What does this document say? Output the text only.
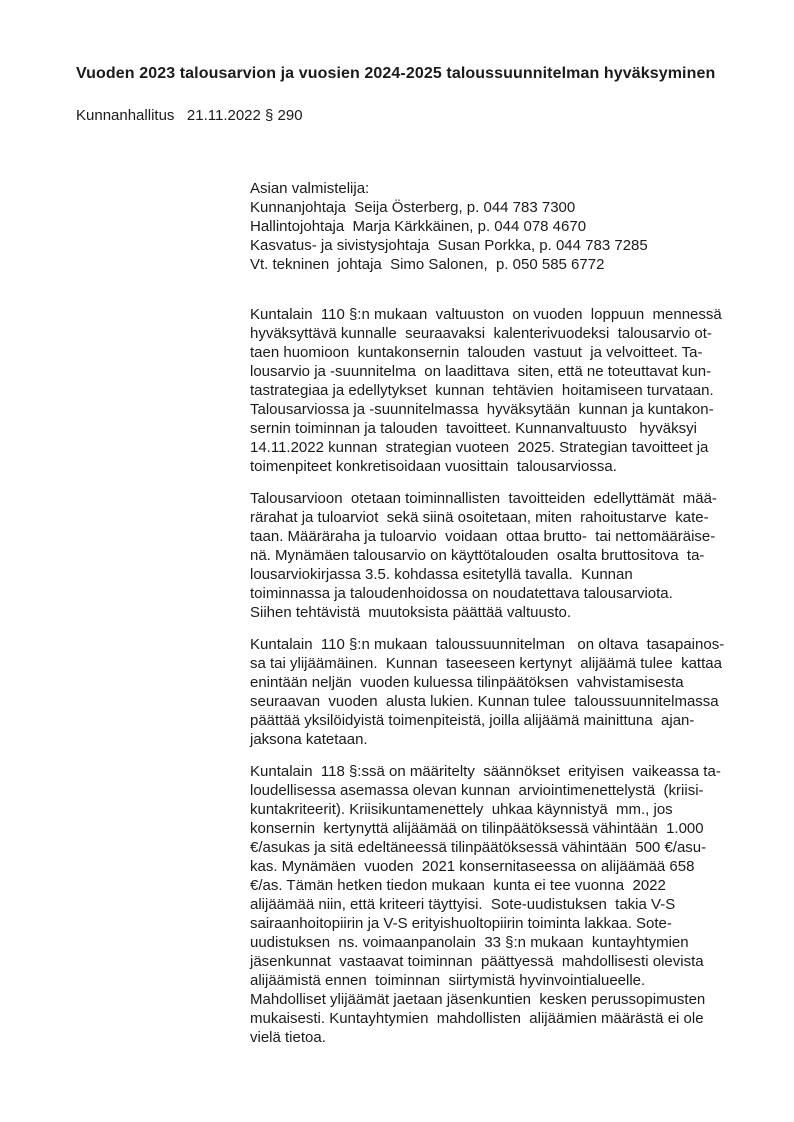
Vuoden 2023 talousarvion ja vuosien 2024-2025 taloussuunnitelman hyväksyminen
Kunnanhallitus   21.11.2022 § 290
Asian valmistelija:
Kunnanjohtaja  Seija Österberg, p. 044 783 7300
Hallintojohtaja  Marja Kärkkäinen, p. 044 078 4670
Kasvatus- ja sivistysjohtaja  Susan Porkka, p. 044 783 7285
Vt. tekninen  johtaja  Simo Salonen,  p. 050 585 6772
Kuntalain  110 §:n mukaan  valtuuston  on vuoden  loppuun  mennessä
hyväksyttävä kunnalle  seuraavaksi  kalenterivuodeksi  talousarvio ot-
taen huomioon  kuntakonsernin  talouden  vastuut  ja velvoitteet. Ta-
lousarvio ja -suunnitelma  on laadittava  siten, että ne toteuttavat kun-
tastrategiaa ja edellytykset  kunnan  tehtävien  hoitamiseen turvataan.
Talousarviossa ja -suunnitelmassa  hyväksytään  kunnan ja kuntakon-
sernin toiminnan ja talouden  tavoitteet. Kunnanvaltuusto   hyväksyi
14.11.2022 kunnan  strategian vuoteen  2025. Strategian tavoitteet ja
toimenpiteet konkretisoidaan vuosittain  talousarviossa.
Talousarvioon  otetaan toiminnallisten  tavoitteiden  edellyttämät  mää-
rärahat ja tuloarviot  sekä siinä osoitetaan, miten  rahoitustarve  kate-
taan. Määräraha ja tuloarvio  voidaan  ottaa brutto-  tai nettomääräise-
nä. Mynämäen talousarvio on käyttötalouden  osalta bruttositova  ta-
lousarviokirjassa 3.5. kohdassa esitetyllä tavalla.  Kunnan
toiminnassa ja taloudenhoidossa on noudatettava talousarviota.
Siihen tehtävistä  muutoksista päättää valtuusto.
Kuntalain  110 §:n mukaan  taloussuunnitelman   on oltava  tasapainos-
sa tai ylijäämäinen.  Kunnan  taseeseen kertynyt  alijäämä tulee  kattaa
enintään neljän  vuoden kuluessa tilinpäätöksen  vahvistamisesta
seuraavan  vuoden  alusta lukien. Kunnan tulee  taloussuunnitelmassa
päättää yksilöidyistä toimenpiteistä, joilla alijäämä mainittuna  ajan-
jaksona katetaan.
Kuntalain  118 §:ssä on määritelty  säännökset  erityisen  vaikeassa ta-
loudellisessa asemassa olevan kunnan  arviointimenettelystä  (kriisi-
kuntakriteerit). Kriisikuntamenettely  uhkaa käynnistyä  mm., jos
konsernin  kertynyttä alijäämää on tilinpäätöksessä vähintään  1.000
€/asukas ja sitä edeltäneessä tilinpäätöksessä vähintään  500 €/asu-
kas. Mynämäen  vuoden  2021 konsernitaseessa on alijäämää 658
€/as. Tämän hetken tiedon mukaan  kunta ei tee vuonna  2022
alijäämää niin, että kriteeri täyttyisi.  Sote-uudistuksen  takia V-S
sairaanhoitopiirin ja V-S erityishuoltopiirin toiminta lakkaa. Sote-
uudistuksen  ns. voimaanpanolain  33 §:n mukaan  kuntayhtymien
jäsenkunnat  vastaavat toiminnan  päättyessä  mahdollisesti olevista
alijäämistä ennen  toiminnan  siirtymistä hyvinvointialueelle.
Mahdolliset ylijäämät jaetaan jäsenkuntien  kesken perussopimusten
mukaisesti. Kuntayhtymien  mahdollisten  alijäämien määrästä ei ole
vielä tietoa.
